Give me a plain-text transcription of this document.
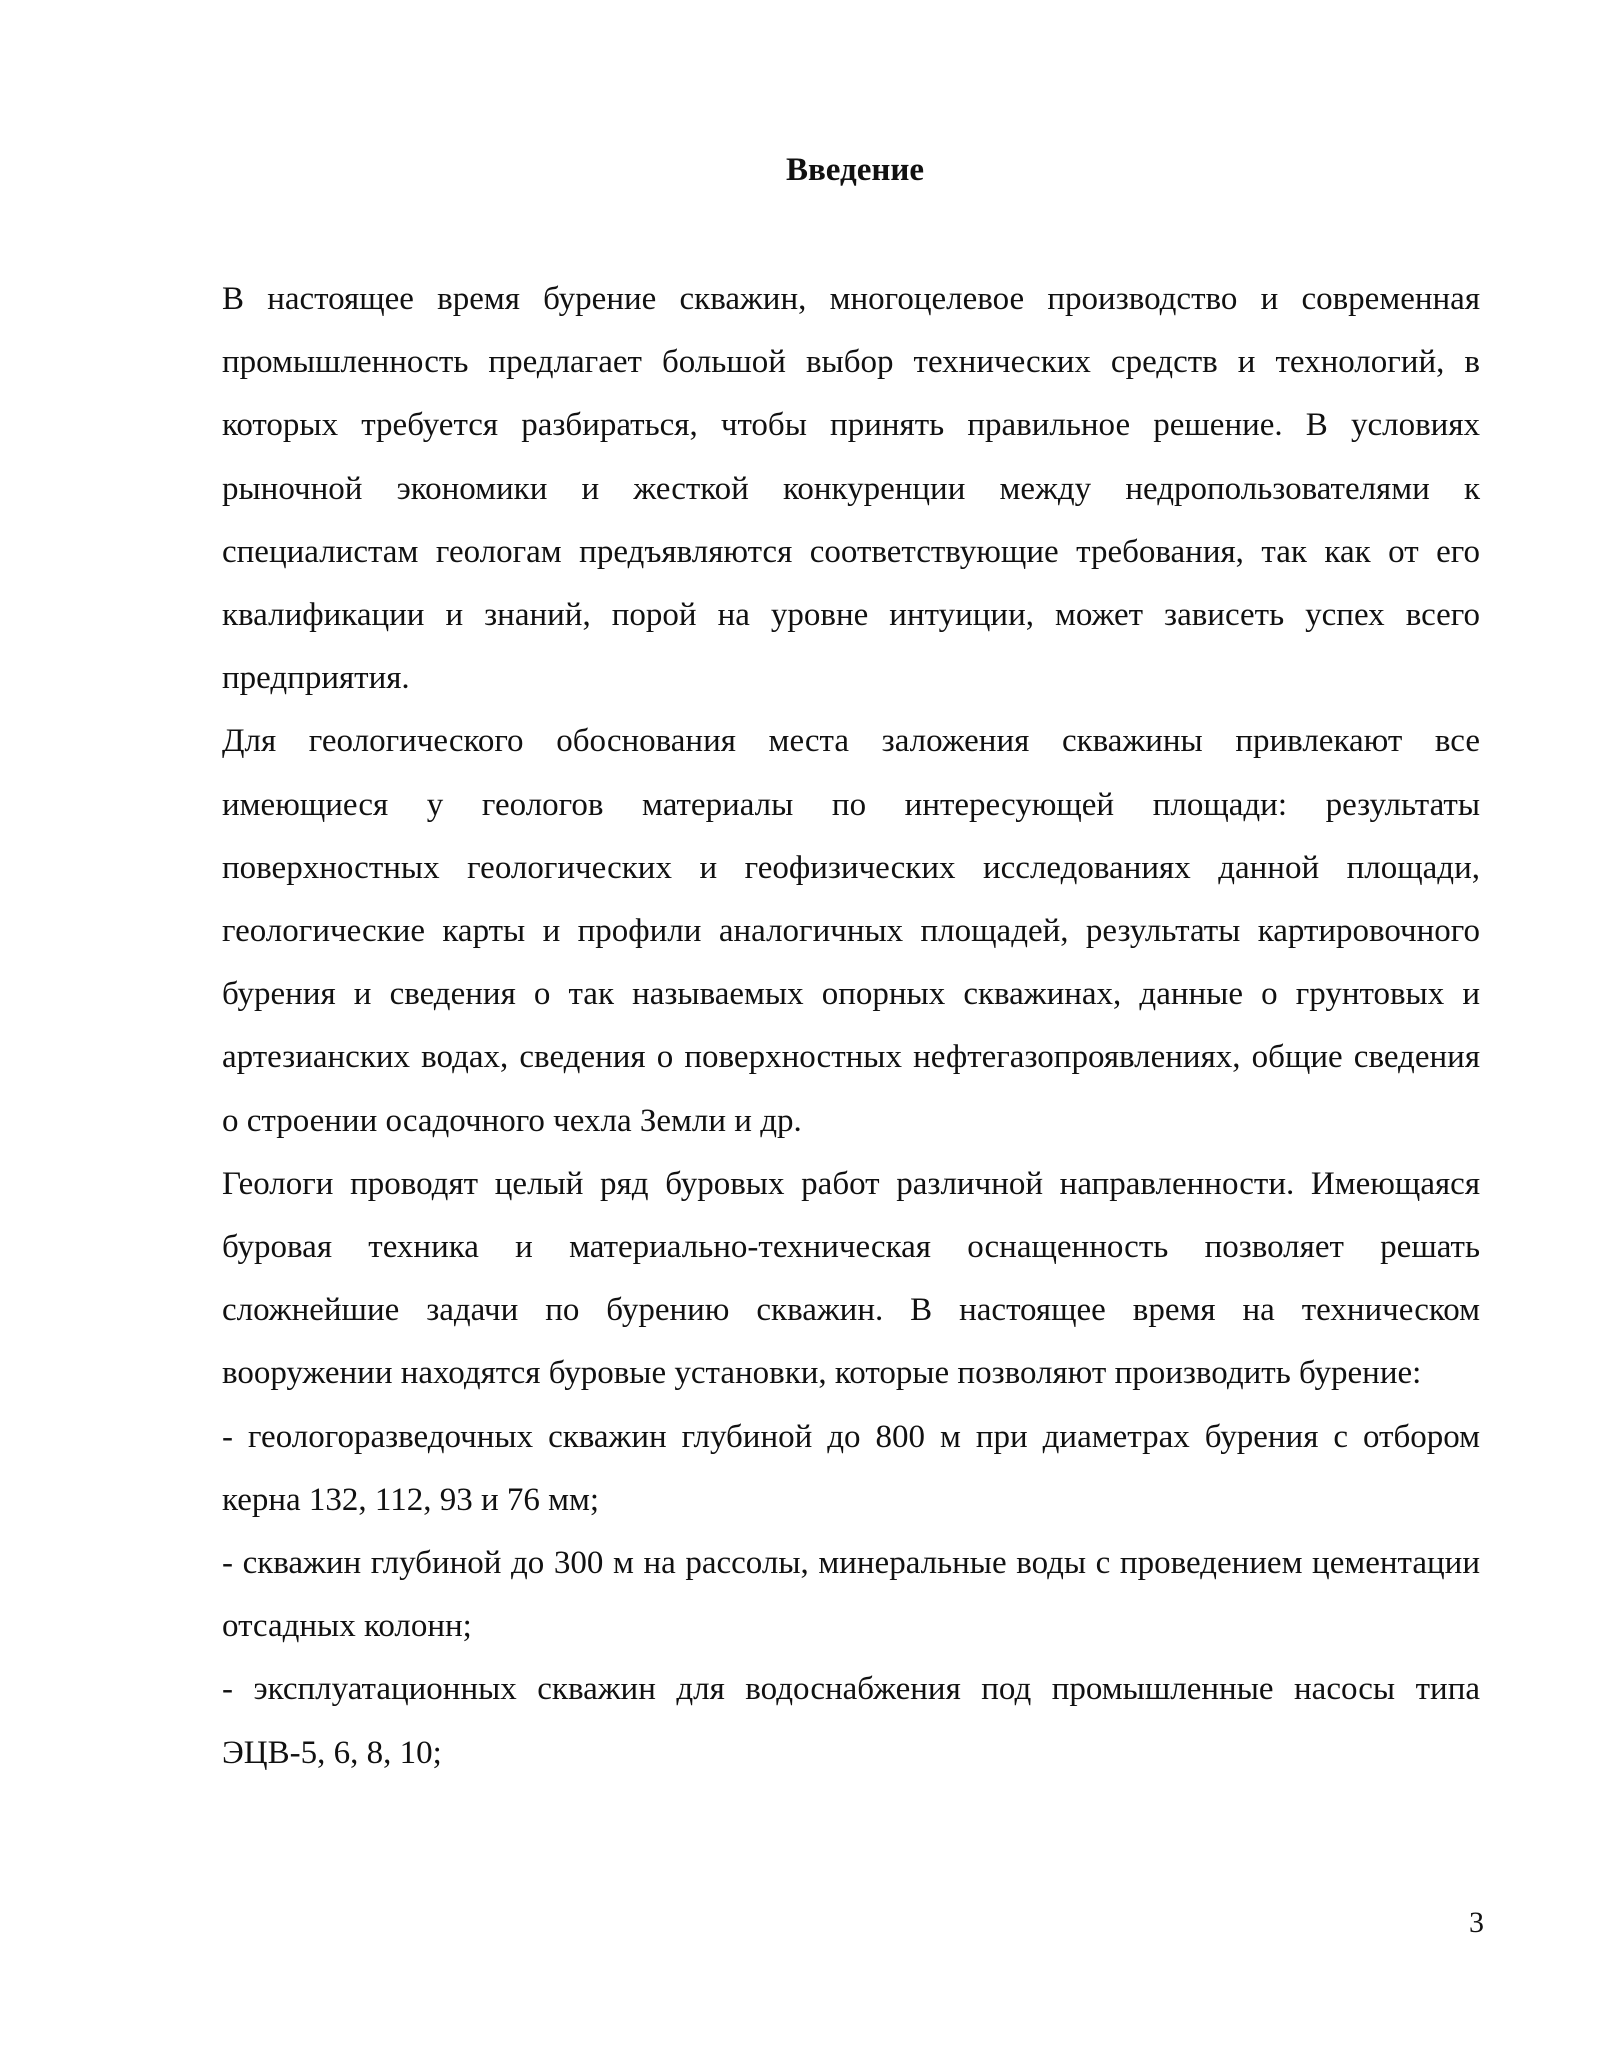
Введение

В настоящее время бурение скважин, многоцелевое производство и современная промышленность предлагает большой выбор технических средств и технологий, в которых требуется разбираться, чтобы принять правильное решение. В условиях рыночной экономики и жесткой конкуренции между недропользователями к специалистам геологам предъявляются соответствующие требования, так как от его квалификации и знаний, порой на уровне интуиции, может зависеть успех всего предприятия.

Для геологического обоснования места заложения скважины привлекают все имеющиеся у геологов материалы по интересующей площади: результаты поверхностных геологических и геофизических исследованиях данной площади, геологические карты и профили аналогичных площадей, результаты картировочного бурения и сведения о так называемых опорных скважинах, данные о грунтовых и артезианских водах, сведения о поверхностных нефтегазопроявлениях, общие сведения о строении осадочного чехла Земли и др.

Геологи проводят целый ряд буровых работ различной направленности. Имеющаяся буровая техника и материально-техническая оснащенность позволяет решать сложнейшие задачи по бурению скважин. В настоящее время на техническом вооружении находятся буровые установки, которые позволяют производить бурение:

- геологоразведочных скважин глубиной до 800 м при диаметрах бурения с отбором керна 132, 112, 93 и 76 мм;

- скважин глубиной до 300 м на рассолы, минеральные воды с проведением цементации отсадных колонн;

- эксплуатационных скважин для водоснабжения под промышленные насосы типа ЭЦВ-5, 6, 8, 10;

3
